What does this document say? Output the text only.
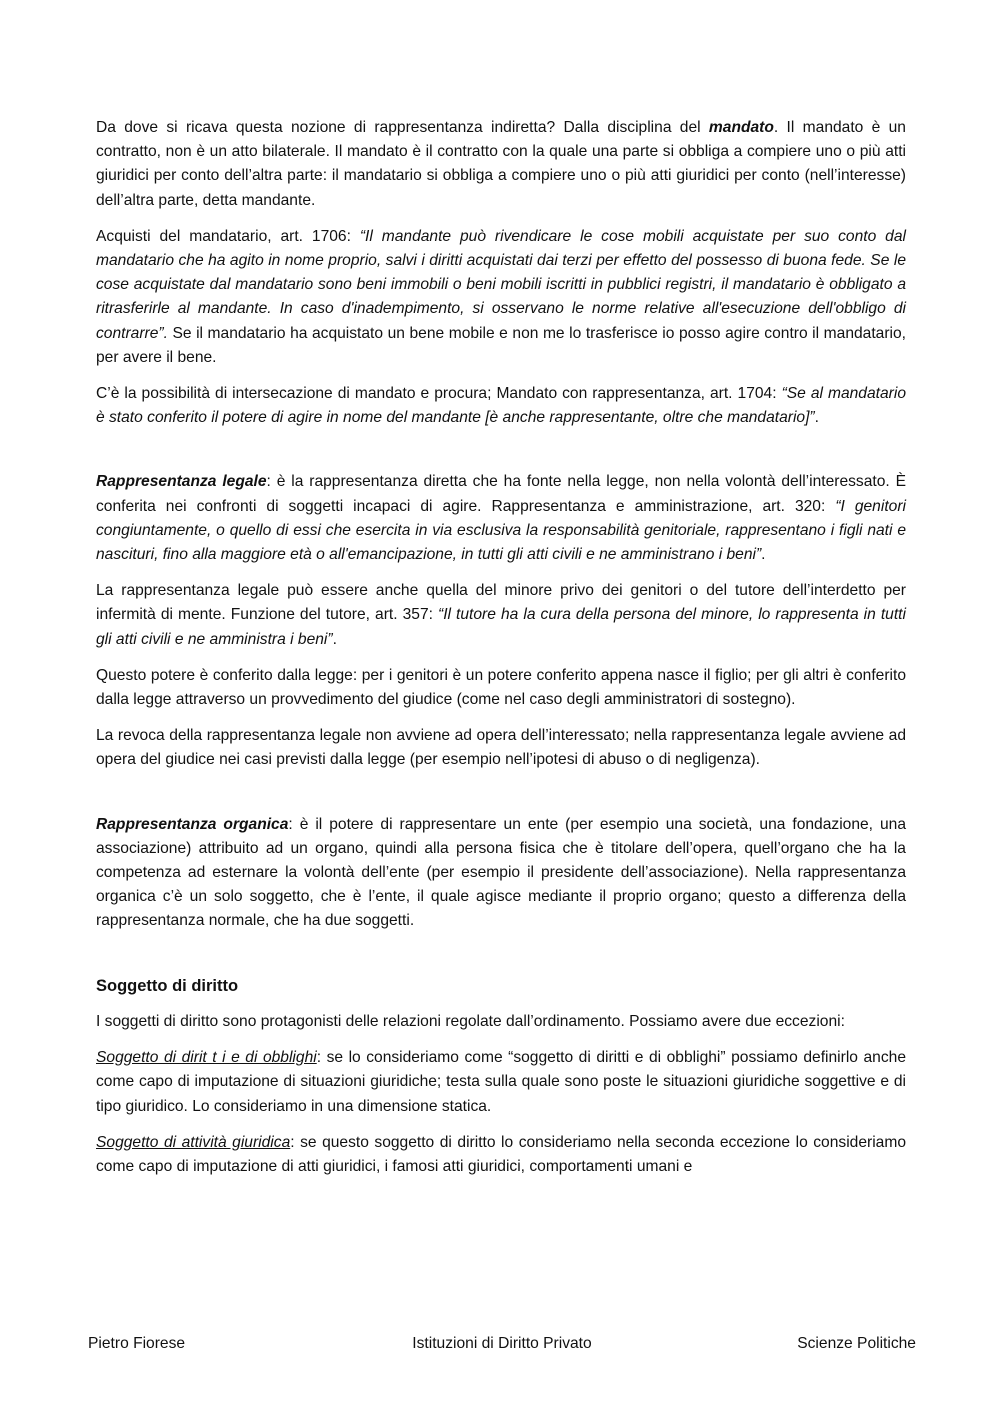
Da dove si ricava questa nozione di rappresentanza indiretta? Dalla disciplina del mandato. Il mandato è un contratto, non è un atto bilaterale. Il mandato è il contratto con la quale una parte si obbliga a compiere uno o più atti giuridici per conto dell’altra parte: il mandatario si obbliga a compiere uno o più atti giuridici per conto (nell’interesse) dell’altra parte, detta mandante.

Acquisti del mandatario, art. 1706: “Il mandante può rivendicare le cose mobili acquistate per suo conto dal mandatario che ha agito in nome proprio, salvi i diritti acquistati dai terzi per effetto del possesso di buona fede. Se le cose acquistate dal mandatario sono beni immobili o beni mobili iscritti in pubblici registri, il mandatario è obbligato a ritrasferirle al mandante. In caso d'inadempimento, si osservano le norme relative all'esecuzione dell'obbligo di contrarre”. Se il mandatario ha acquistato un bene mobile e non me lo trasferisce io posso agire contro il mandatario, per avere il bene.

C’è la possibilità di intersecazione di mandato e procura; Mandato con rappresentanza, art. 1704: “Se al mandatario è stato conferito il potere di agire in nome del mandante [è anche rappresentante, oltre che mandatario]”.

Rappresentanza legale: è la rappresentanza diretta che ha fonte nella legge, non nella volontà dell’interessato. È conferita nei confronti di soggetti incapaci di agire. Rappresentanza e amministrazione, art. 320: “I genitori congiuntamente, o quello di essi che esercita in via esclusiva la responsabilità genitoriale, rappresentano i figli nati e nascituri, fino alla maggiore età o all'emancipazione, in tutti gli atti civili e ne amministrano i beni”.

La rappresentanza legale può essere anche quella del minore privo dei genitori o del tutore dell’interdetto per infermità di mente. Funzione del tutore, art. 357: “Il tutore ha la cura della persona del minore, lo rappresenta in tutti gli atti civili e ne amministra i beni”.

Questo potere è conferito dalla legge: per i genitori è un potere conferito appena nasce il figlio; per gli altri è conferito dalla legge attraverso un provvedimento del giudice (come nel caso degli amministratori di sostegno).

La revoca della rappresentanza legale non avviene ad opera dell’interessato; nella rappresentanza legale avviene ad opera del giudice nei casi previsti dalla legge (per esempio nell’ipotesi di abuso o di negligenza).

Rappresentanza organica: è il potere di rappresentare un ente (per esempio una società, una fondazione, una associazione) attribuito ad un organo, quindi alla persona fisica che è titolare dell’opera, quell’organo che ha la competenza ad esternare la volontà dell’ente (per esempio il presidente dell’associazione). Nella rappresentanza organica c’è un solo soggetto, che è l’ente, il quale agisce mediante il proprio organo; questo a differenza della rappresentanza normale, che ha due soggetti.

Soggetto di diritto

I soggetti di diritto sono protagonisti delle relazioni regolate dall’ordinamento. Possiamo avere due eccezioni:

Soggetto di dirit t i e di obblighi: se lo consideriamo come “soggetto di diritti e di obblighi” possiamo definirlo anche come capo di imputazione di situazioni giuridiche; testa sulla quale sono poste le situazioni giuridiche soggettive e di tipo giuridico. Lo consideriamo in una dimensione statica.

Soggetto di attività giuridica: se questo soggetto di diritto lo consideriamo nella seconda eccezione lo consideriamo come capo di imputazione di atti giuridici, i famosi atti giuridici, comportamenti umani e

Pietro Fiorese	Istituzioni di Diritto Privato	Scienze Politiche
